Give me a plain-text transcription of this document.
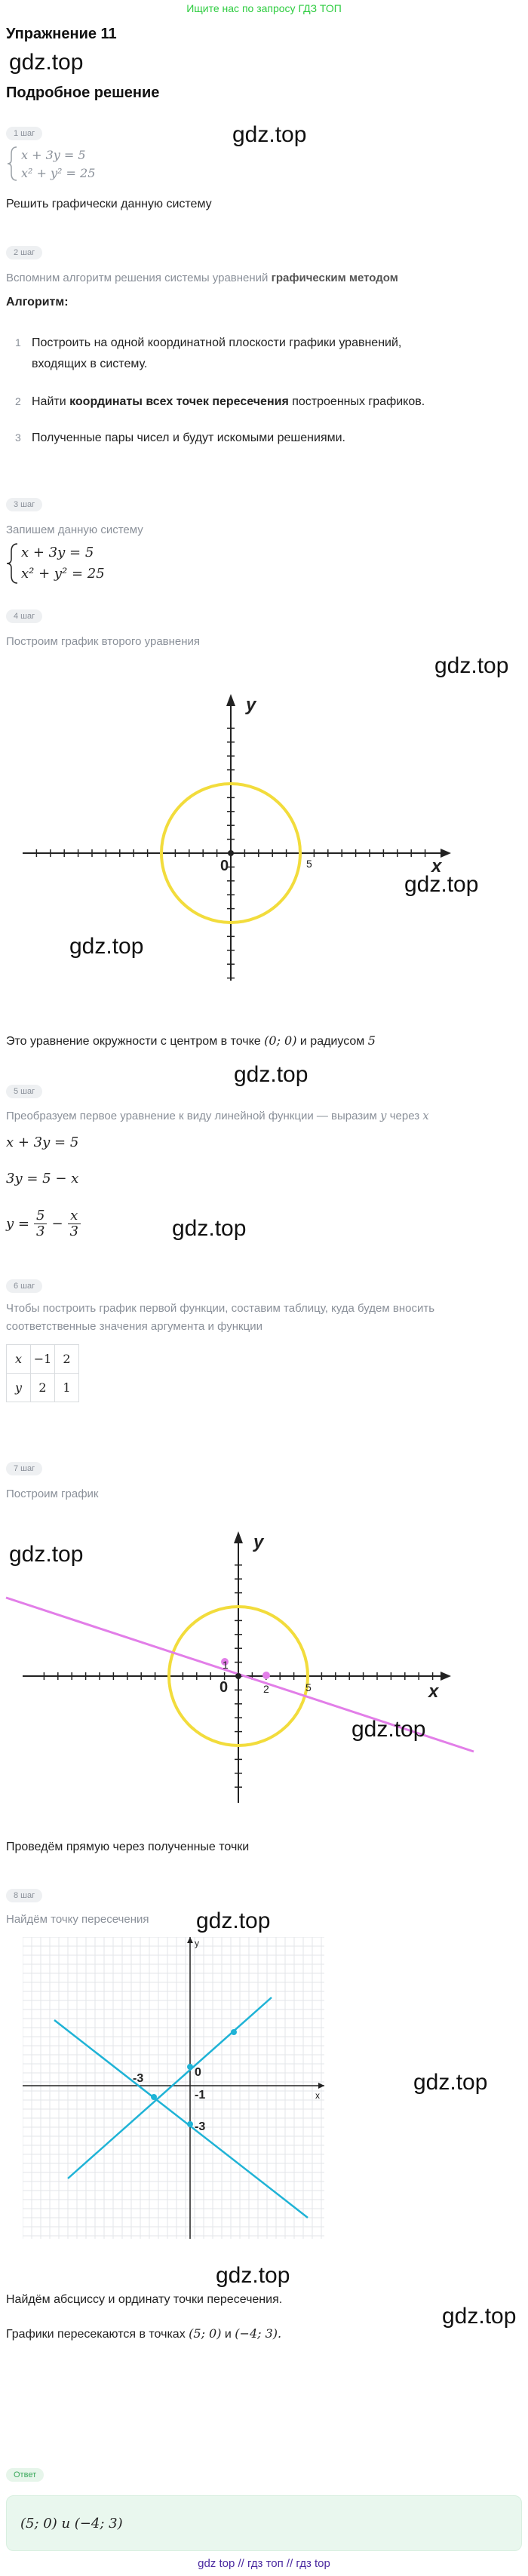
Ищите нас по запросу ГДЗ ТОП
Упражнение 11
gdz.top
Подробное решение
gdz.top
1 шаг
x + 3y = 5
x² + y² = 25
Решить графически данную систему
2 шаг
Вспомним алгоритм решения системы уравнений графическим методом
Алгоритм:
1 Построить на одной координатной плоскости графики уравнений,
входящих в систему.
2 Найти координаты всех точек пересечения построенных графиков.
3 Полученные пары чисел и будут искомыми решениями.
3 шаг
Запишем данную систему
x + 3y = 5
x² + y² = 25
4 шаг
Построим график второго уравнения
gdz.top
y
x
0	5
gdz.top
gdz.top
Это уравнение окружности с центром в точке (0; 0) и радиусом 5
gdz.top
5 шаг
Преобразуем первое уравнение к виду линейной функции — выразим y через x
x + 3y = 5
3y = 5 − x
$y = \frac{5}{3} - \frac{x}{3}$	gdz.top
6 шаг
Чтобы построить график первой функции, составим таблицу, куда будем вносить
соответственные значения аргумента и функции
x	−1	2
y	2	1
7 шаг
Построим график
gdz.top	y
x
0
1
2	5
gdz.top
Проведём прямую через полученные точки
8 шаг
Найдём точку пересечения gdz.top
y
x
-3	0
-1
-3
gdz.top
gdz.top
Найдём абсциссу и ординату точки пересечения.
gdz.top
Графики пересекаются в точках (5; 0) и (−4; 3).
Ответ
(5; 0) и (−4; 3)
gdz top // гдз топ // гдз top
